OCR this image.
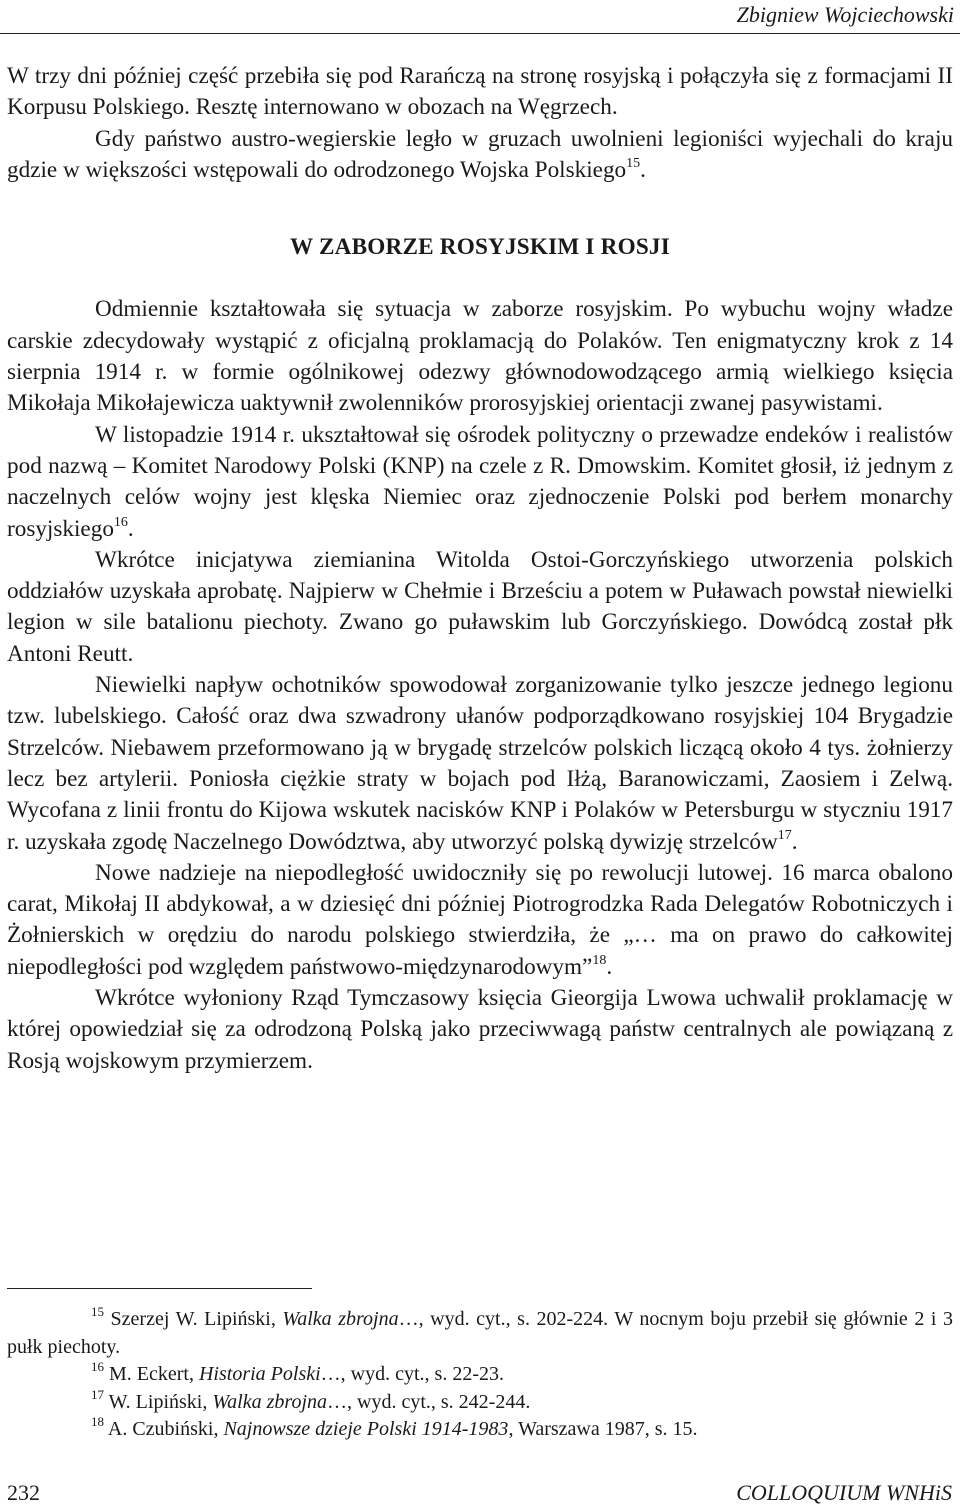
Zbigniew Wojciechowski

W trzy dni później część przebiła się pod Rarańczą na stronę rosyjską i połączyła się z formacjami II Korpusu Polskiego. Resztę internowano w obozach na Węgrzech.

Gdy państwo austro-wegierskie legło w gruzach uwolnieni legioniści wyjechali do kraju gdzie w większości wstępowali do odrodzonego Wojska Polskiego$^{15}$.

W ZABORZE ROSYJSKIM I ROSJI

Odmiennie kształtowała się sytuacja w zaborze rosyjskim. Po wybuchu wojny władze carskie zdecydowały wystąpić z oficjalną proklamacją do Polaków. Ten enigmatyczny krok z 14 sierpnia 1914 r. w formie ogólnikowej odezwy głównodowodzącego armią wielkiego księcia Mikołaja Mikołajewicza uaktywnił zwolenników prorosyjskiej orientacji zwanej pasywistami.

W listopadzie 1914 r. ukształtował się ośrodek polityczny o przewadze endeków i realistów pod nazwą – Komitet Narodowy Polski (KNP) na czele z R. Dmowskim. Komitet głosił, iż jednym z naczelnych celów wojny jest klęska Niemiec oraz zjednoczenie Polski pod berłem monarchy rosyjskiego$^{16}$.

Wkrótce inicjatywa ziemianina Witolda Ostoi-Gorczyńskiego utworzenia polskich oddziałów uzyskała aprobatę. Najpierw w Chełmie i Brześciu a potem w Puławach powstał niewielki legion w sile batalionu piechoty. Zwano go puławskim lub Gorczyńskiego. Dowódcą został płk Antoni Reutt.

Niewielki napływ ochotników spowodował zorganizowanie tylko jeszcze jednego legionu tzw. lubelskiego. Całość oraz dwa szwadrony ułanów podporządkowano rosyjskiej 104 Brygadzie Strzelców. Niebawem przeformowano ją w brygadę strzelców polskich liczącą około 4 tys. żołnierzy lecz bez artylerii. Poniosła ciężkie straty w bojach pod Iłżą, Baranowiczami, Zaosiem i Zelwą. Wycofana z linii frontu do Kijowa wskutek nacisków KNP i Polaków w Petersburgu w styczniu 1917 r. uzyskała zgodę Naczelnego Dowództwa, aby utworzyć polską dywizję strzelców$^{17}$.

Nowe nadzieje na niepodległość uwidoczniły się po rewolucji lutowej. 16 marca obalono carat, Mikołaj II abdykował, a w dziesięć dni później Piotrogrodzka Rada Delegatów Robotniczych i Żołnierskich w orędziu do narodu polskiego stwierdziła, że „… ma on prawo do całkowitej niepodległości pod względem państwowo-międzynarodowym”$^{18}$.

Wkrótce wyłoniony Rząd Tymczasowy księcia Gieorgija Lwowa uchwalił proklamację w której opowiedział się za odrodzoną Polską jako przeciwwagą państw centralnych ale powiązaną z Rosją wojskowym przymierzem.

$^{15}$ Szerzej W. Lipiński, Walka zbrojna…, wyd. cyt., s. 202-224. W nocnym boju przebił się głównie 2 i 3 pułk piechoty.

$^{16}$ M. Eckert, Historia Polski…, wyd. cyt., s. 22-23.

$^{17}$ W. Lipiński, Walka zbrojna…, wyd. cyt., s. 242-244.

$^{18}$ A. Czubiński, Najnowsze dzieje Polski 1914-1983, Warszawa 1987, s. 15.

232	COLLOQUIUM WNHiS
